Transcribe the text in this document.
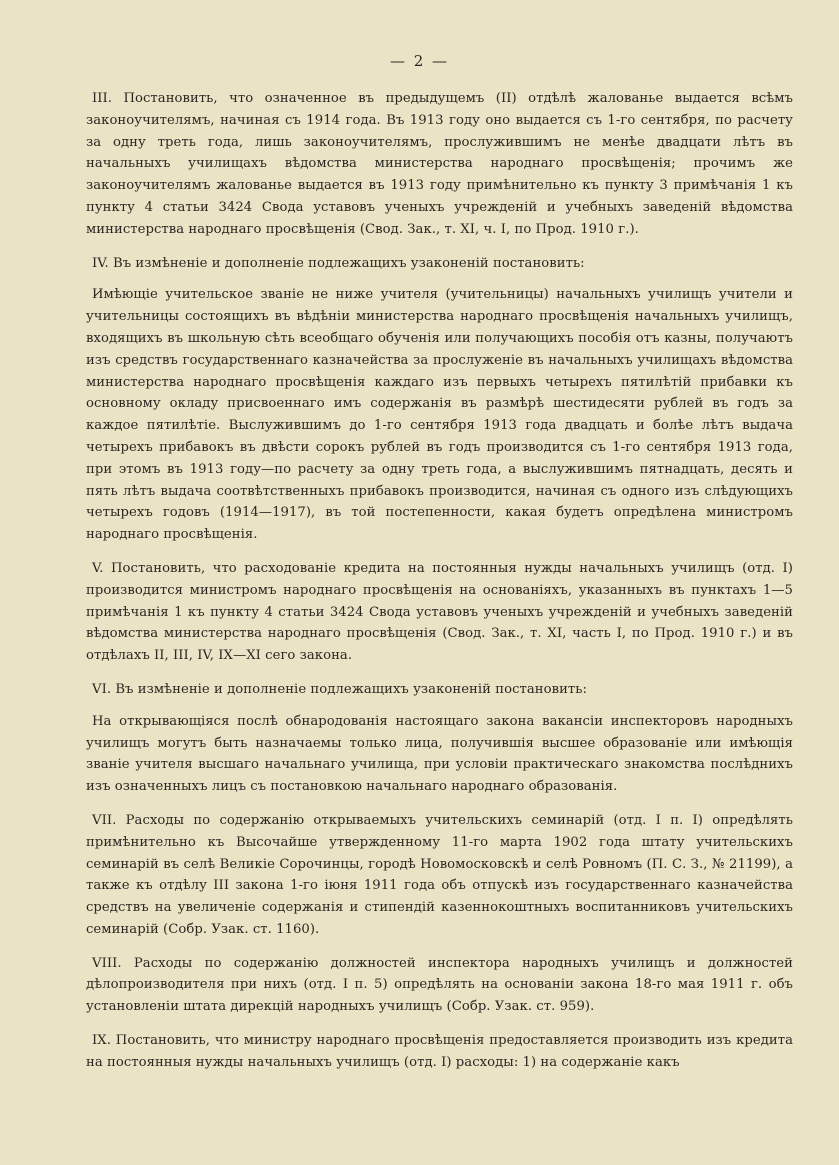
— 2 —

III. Постановить, что означенное въ предыдущемъ (II) отдѣлѣ жалованье выдается всѣмъ законоучителямъ, начиная съ 1914 года. Въ 1913 году оно выдается съ 1-го сентября, по расчету за одну треть года, лишь законоучителямъ, прослужившимъ не менѣе двадцати лѣтъ въ начальныхъ училищахъ вѣдомства министерства народнаго просвѣщенія; прочимъ же законоучителямъ жалованье выдается въ 1913 году примѣнительно къ пункту 3 примѣчанія 1 къ пункту 4 статьи 3424 Свода уставовъ ученыхъ учрежденій и учебныхъ заведеній вѣдомства министерства народнаго просвѣщенія (Свод. Зак., т. XI, ч. I, по Прод. 1910 г.).

IV. Въ измѣненіе и дополненіе подлежащихъ узаконеній постановить:

Имѣющіе учительское званіе не ниже учителя (учительницы) начальныхъ училищъ учители и учительницы состоящихъ въ вѣдѣніи министерства народнаго просвѣщенія начальныхъ училищъ, входящихъ въ школьную сѣть всеобщаго обученія или получающихъ пособія отъ казны, получаютъ изъ средствъ государственнаго казначейства за прослуженіе въ начальныхъ училищахъ вѣдомства министерства народнаго просвѣщенія каждаго изъ первыхъ четырехъ пятилѣтій прибавки къ основному окладу присвоеннаго имъ содержанія въ размѣрѣ шестидесяти рублей въ годъ за каждое пятилѣтіе. Выслужившимъ до 1-го сентября 1913 года двадцать и болѣе лѣтъ выдача четырехъ прибавокъ въ двѣсти сорокъ рублей въ годъ производится съ 1-го сентября 1913 года, при этомъ въ 1913 году—по расчету за одну треть года, а выслужившимъ пятнадцать, десять и пять лѣтъ выдача соотвѣтственныхъ прибавокъ производится, начиная съ одного изъ слѣдующихъ четырехъ годовъ (1914—1917), въ той постепенности, какая будетъ опредѣлена министромъ народнаго просвѣщенія.

V. Постановить, что расходованіе кредита на постоянныя нужды начальныхъ училищъ (отд. I) производится министромъ народнаго просвѣщенія на основаніяхъ, указанныхъ въ пунктахъ 1—5 примѣчанія 1 къ пункту 4 статьи 3424 Свода уставовъ ученыхъ учрежденій и учебныхъ заведеній вѣдомства министерства народнаго просвѣщенія (Свод. Зак., т. XI, часть I, по Прод. 1910 г.) и въ отдѣлахъ II, III, IV, IX—XI сего закона.

VI. Въ измѣненіе и дополненіе подлежащихъ узаконеній постановить:

На открывающіяся послѣ обнародованія настоящаго закона вакансіи инспекторовъ народныхъ училищъ могутъ быть назначаемы только лица, получившія высшее образованіе или имѣющія званіе учителя высшаго начальнаго училища, при условіи практическаго знакомства послѣднихъ изъ означенныхъ лицъ съ постановкою начальнаго народнаго образованія.

VII. Расходы по содержанію открываемыхъ учительскихъ семинарій (отд. I п. I) опредѣлять примѣнительно къ Высочайше утвержденному 11-го марта 1902 года штату учительскихъ семинарій въ селѣ Великіе Сорочинцы, городѣ Новомосковскѣ и селѣ Ровномъ (П. С. З., № 21199), а также къ отдѣлу III закона 1-го іюня 1911 года объ отпускѣ изъ государственнаго казначейства средствъ на увеличеніе содержанія и стипендій казеннокоштныхъ воспитанниковъ учительскихъ семинарій (Собр. Узак. ст. 1160).

VIII. Расходы по содержанію должностей инспектора народныхъ училищъ и должностей дѣлопроизводителя при нихъ (отд. I п. 5) опредѣлять на основаніи закона 18-го мая 1911 г. объ установленіи штата дирекцій народныхъ училищъ (Собр. Узак. ст. 959).

IX. Постановить, что министру народнаго просвѣщенія предоставляется производить изъ кредита на постоянныя нужды начальныхъ училищъ (отд. I) расходы: 1) на содержаніе какъ
